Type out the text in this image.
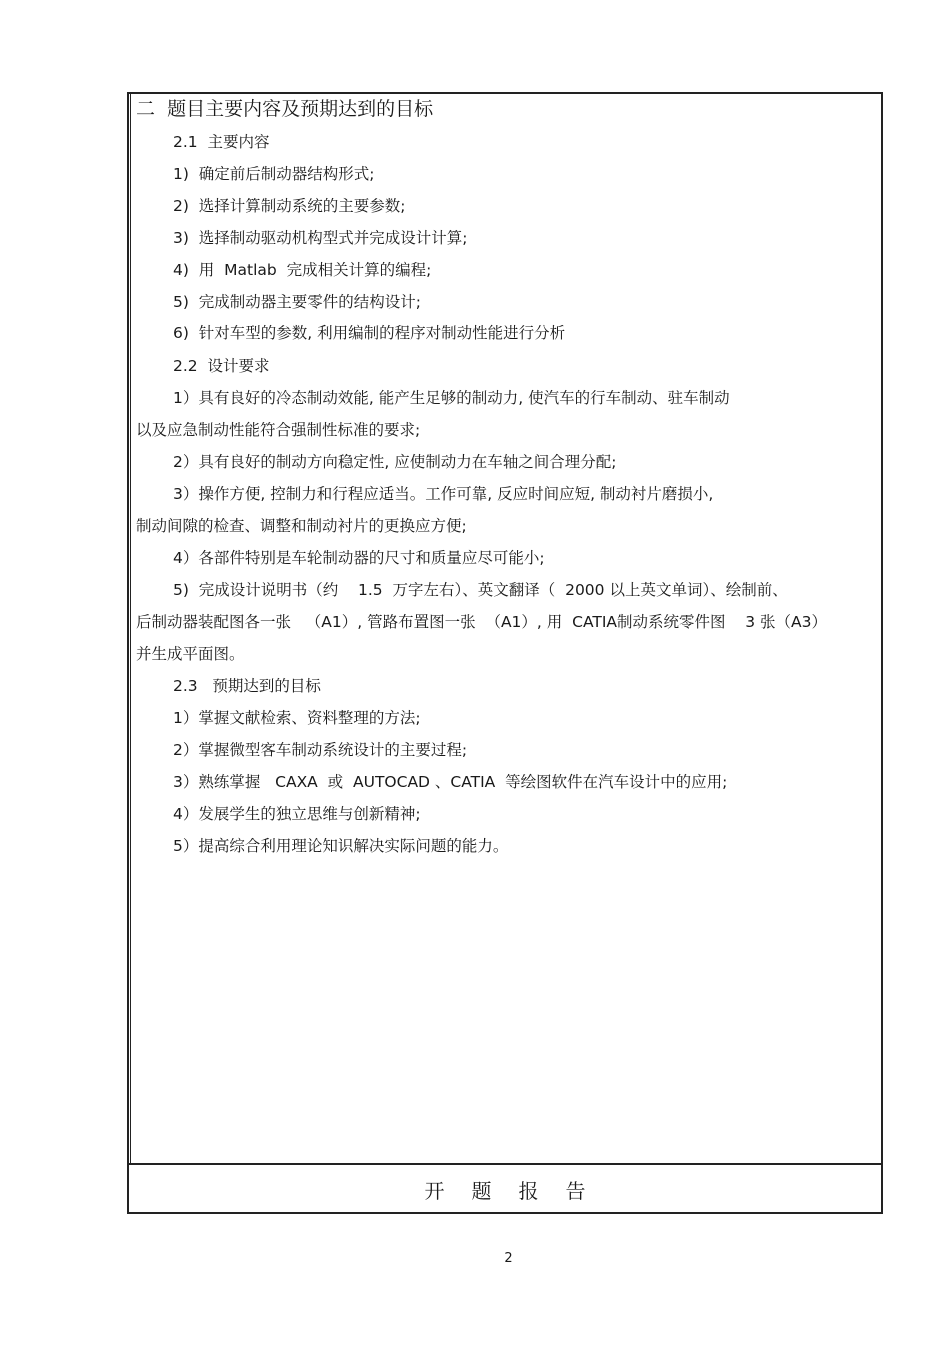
二  题目主要内容及预期达到的目标
2.1  主要内容
1)  确定前后制动器结构形式;
2)  选择计算制动系统的主要参数;
3)  选择制动驱动机构型式并完成设计计算;
4)  用  Matlab  完成相关计算的编程;
5)  完成制动器主要零件的结构设计;
6)  针对车型的参数, 利用编制的程序对制动性能进行分析
2.2  设计要求
1）具有良好的冷态制动效能, 能产生足够的制动力, 使汽车的行车制动、驻车制动
以及应急制动性能符合强制性标准的要求;
2）具有良好的制动方向稳定性, 应使制动力在车轴之间合理分配;
3）操作方便, 控制力和行程应适当。工作可靠, 反应时间应短, 制动衬片磨损小,
制动间隙的检查、调整和制动衬片的更换应方便;
4）各部件特别是车轮制动器的尺寸和质量应尽可能小;
5)  完成设计说明书（约    1.5  万字左右）、英文翻译（  2000 以上英文单词）、绘制前、
后制动器装配图各一张   （A1）, 管路布置图一张  （A1）, 用  CATIA制动系统零件图    3 张（A3）
并生成平面图。
2.3   预期达到的目标
1）掌握文献检索、资料整理的方法;
2）掌握微型客车制动系统设计的主要过程;
3）熟练掌握   CAXA  或  AUTOCAD 、CATIA  等绘图软件在汽车设计中的应用;
4）发展学生的独立思维与创新精神;
5）提高综合利用理论知识解决实际问题的能力。
开题报告
2
